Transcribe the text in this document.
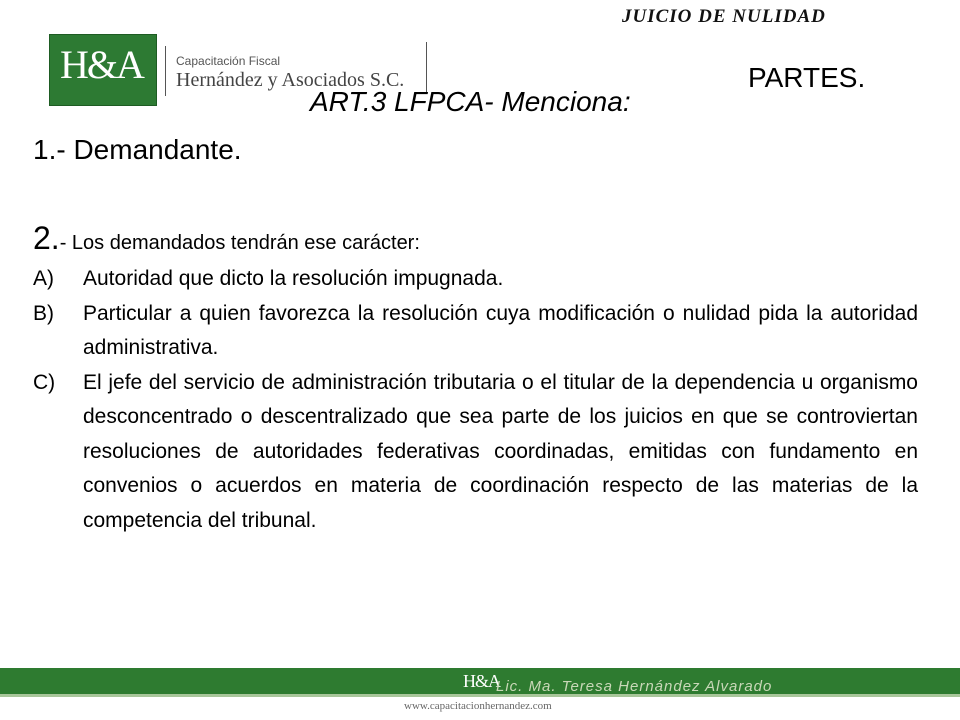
JUICIO DE NULIDAD
H&A	Capacitación Fiscal
Hernández y Asociados S.C.	PARTES.
ART.3 LFPCA- Menciona:
1.- Demandante.
2.- Los demandados tendrán ese carácter:
A)	Autoridad que dicto la resolución impugnada.
B)	Particular a quien favorezca la resolución cuya modificación o nulidad pida la autoridad administrativa.
C)	El jefe del servicio de administración tributaria o el titular de la dependencia u organismo desconcentrado o descentralizado que sea parte de los juicios en que se controviertan resoluciones de autoridades federativas coordinadas, emitidas con fundamento en convenios o acuerdos en materia de coordinación respecto de las materias de la competencia del tribunal.
H&A
Lic. Ma. Teresa Hernández Alvarado
www.capacitacionhernandez.com
